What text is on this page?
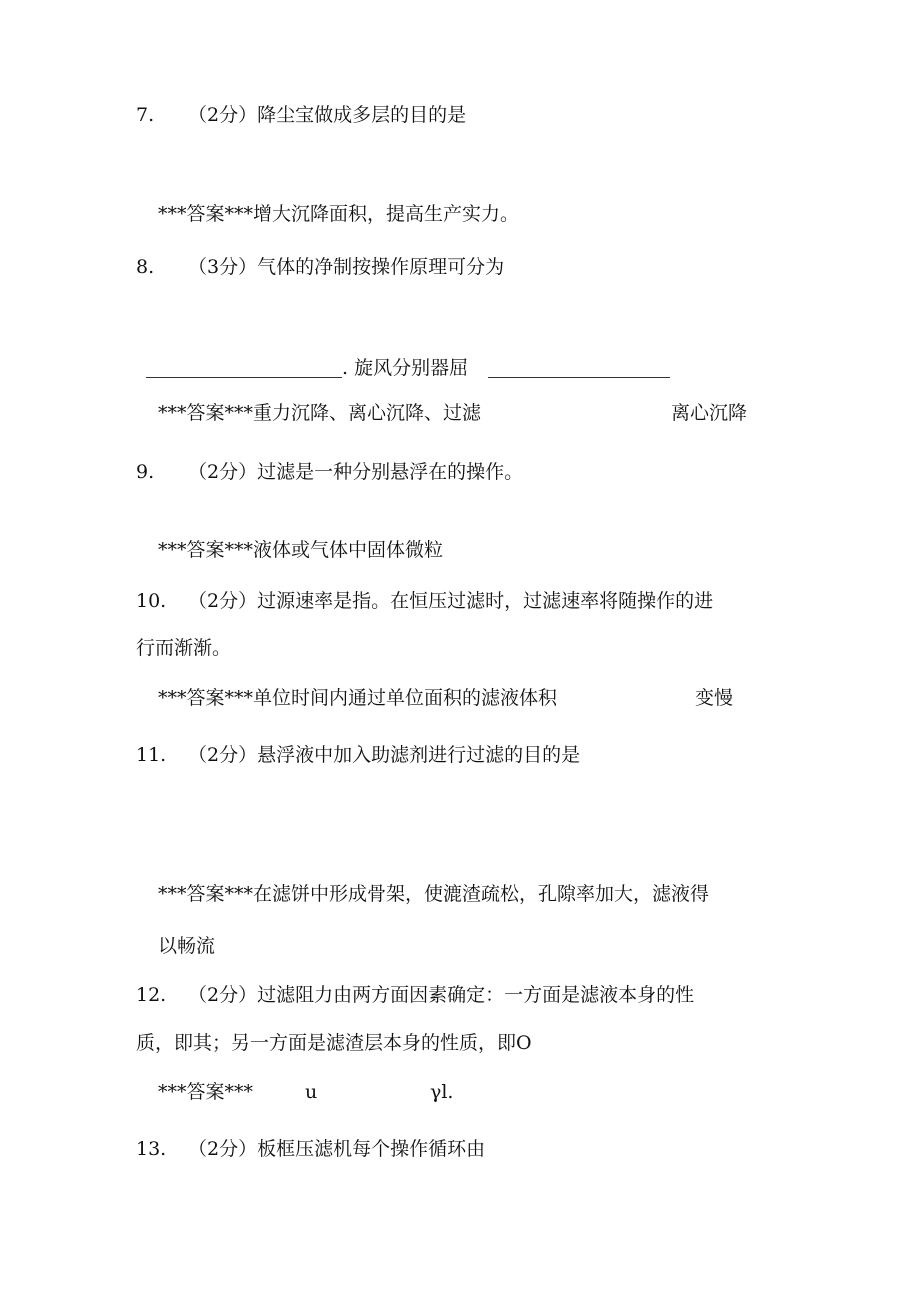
7. （2分）降尘宝做成多层的目的是
***答案***增大沉降面积，提高生产实力。
8. （3分）气体的净制按操作原理可分为
. 旋风分别器屈
***答案***重力沉降、离心沉降、过滤	离心沉降
9. （2分）过滤是一种分别悬浮在的操作。
***答案***液体或气体中固体微粒
10. （2分）过源速率是指。在恒压过滤时，过滤速率将随操作的进
行而渐渐。
***答案***单位时间内通过单位面积的滤液体积	变慢
11. （2分）悬浮液中加入助滤剂进行过滤的目的是
***答案***在滤饼中形成骨架，使漉渣疏松，孔隙率加大，滤液得
以畅流
12. （2分）过滤阻力由两方面因素确定：一方面是滤液本身的性
质，即其；另一方面是滤渣层本身的性质，即O
***答案***	u	γl.
13. （2分）板框压滤机每个操作循环由
